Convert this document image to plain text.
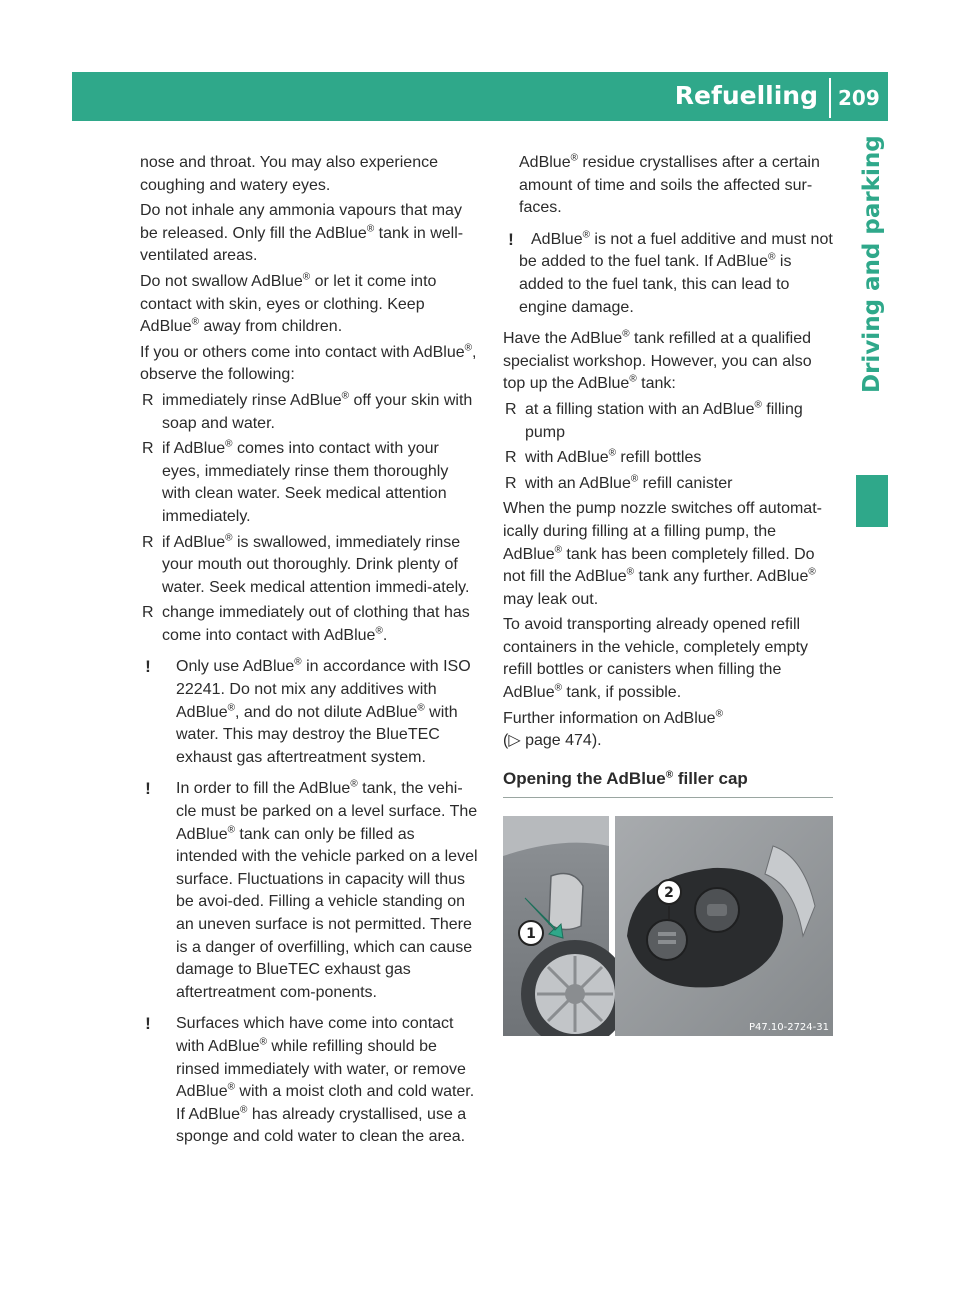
Refuelling 209
Driving and parking

nose and throat. You may also experience coughing and watery eyes.

Do not inhale any ammonia vapours that may be released. Only fill the AdBlue® tank in well-ventilated areas.

Do not swallow AdBlue® or let it come into contact with skin, eyes or clothing. Keep AdBlue® away from children.

If you or others come into contact with AdBlue®, observe the following:

R immediately rinse AdBlue® off your skin with soap and water.
R if AdBlue® comes into contact with your eyes, immediately rinse them thoroughly with clean water. Seek medical attention immediately.
R if AdBlue® is swallowed, immediately rinse your mouth out thoroughly. Drink plenty of water. Seek medical attention immedi-ately.
R change immediately out of clothing that has come into contact with AdBlue®.
!	Only use AdBlue® in accordance with ISO 22241. Do not mix any additives with AdBlue®, and do not dilute AdBlue® with water. This may destroy the BlueTEC exhaust gas aftertreatment system.
!	In order to fill the AdBlue® tank, the vehi-cle must be parked on a level surface. The AdBlue® tank can only be filled as intended with the vehicle parked on a level surface. Fluctuations in capacity will thus be avoi-ded. Filling a vehicle standing on an uneven surface is not permitted. There is a danger of overfilling, which can cause damage to BlueTEC exhaust gas aftertreatment com-ponents.
!	Surfaces which have come into contact with AdBlue® while refilling should be rinsed immediately with water, or remove AdBlue® with a moist cloth and cold water. If AdBlue® has already crystallised, use a sponge and cold water to clean the area.

AdBlue® residue crystallises after a certain amount of time and soils the affected sur-faces.

!	AdBlue® is not a fuel additive and must not be added to the fuel tank. If AdBlue® is added to the fuel tank, this can lead to engine damage.

Have the AdBlue® tank refilled at a qualified specialist workshop. However, you can also top up the AdBlue® tank:

R at a filling station with an AdBlue® filling pump
R with AdBlue® refill bottles
R with an AdBlue® refill canister

When the pump nozzle switches off automat-ically during filling at a filling pump, the AdBlue® tank has been completely filled. Do not fill the AdBlue® tank any further. AdBlue® may leak out.

To avoid transporting already opened refill containers in the vehicle, completely empty refill bottles or canisters when filling the AdBlue® tank, if possible.

Further information on AdBlue®
(▷ page 474).

Opening the AdBlue® filler cap
1
2
P47.10-2724-31
